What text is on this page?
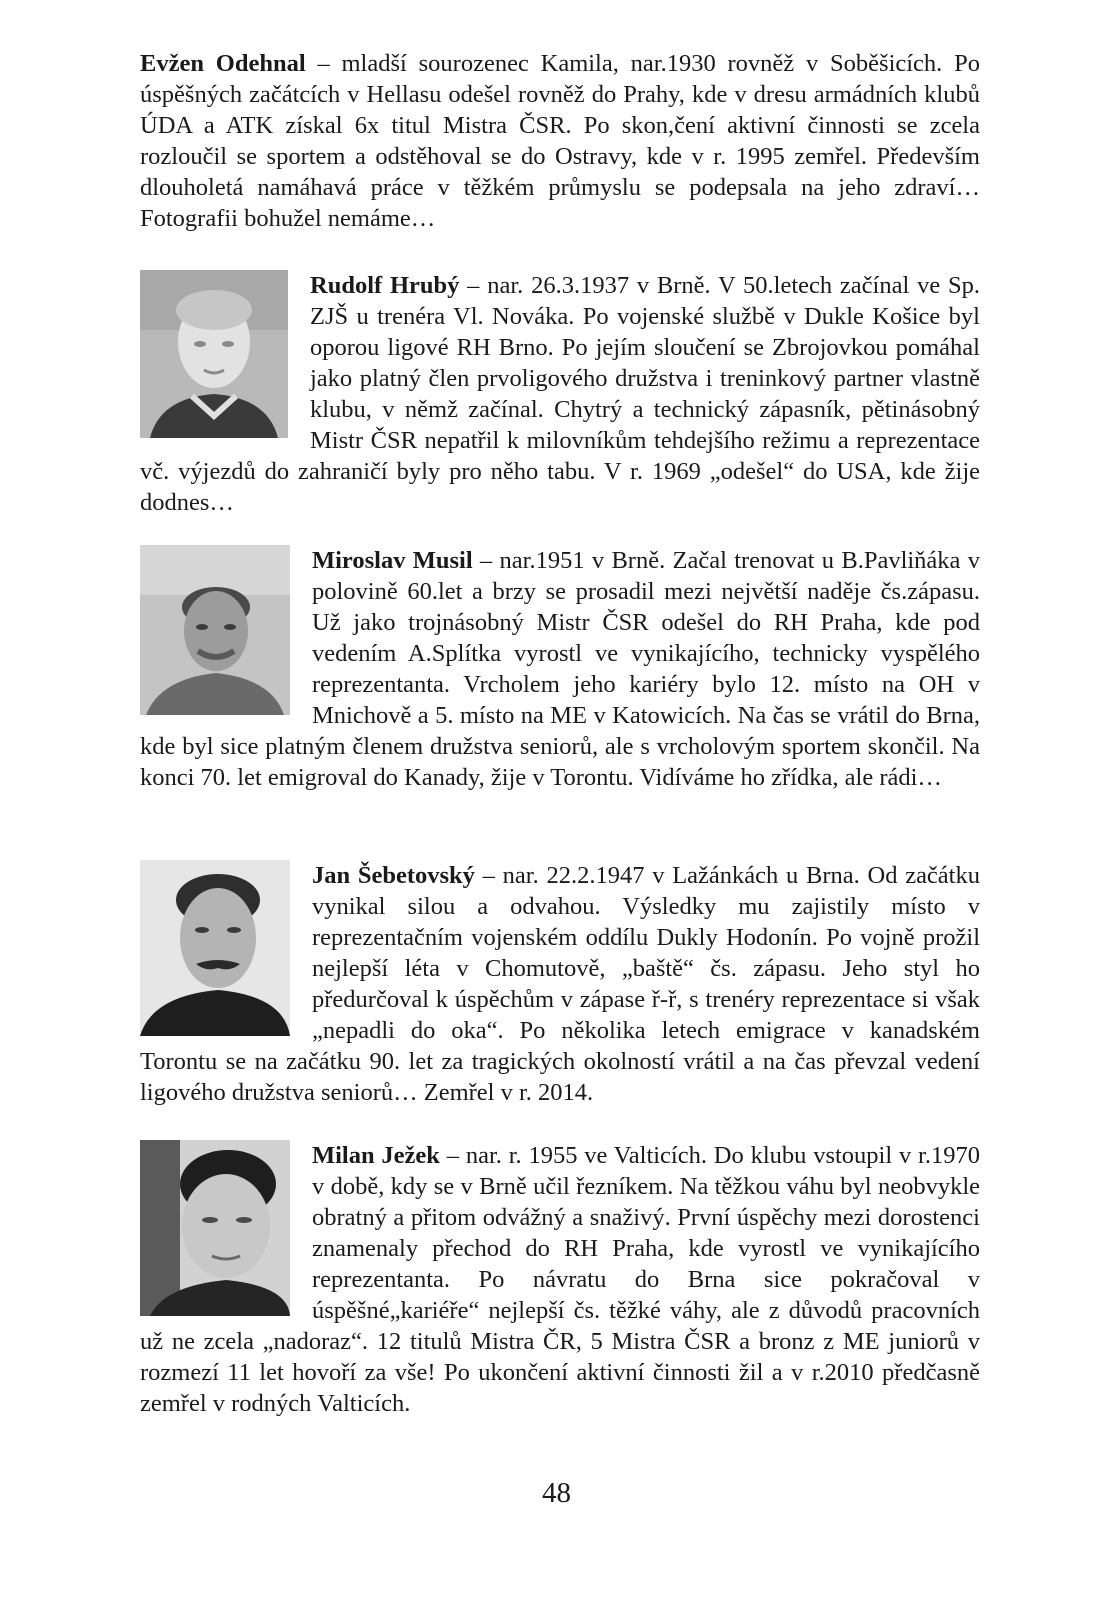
Evžen Odehnal – mladší sourozenec Kamila, nar.1930 rovněž v Soběšicích. Po úspěšných začátcích v Hellasu odešel rovněž do Prahy, kde v dresu armádních klubů ÚDA a ATK získal 6x titul Mistra ČSR. Po skon,čení aktivní činnosti se zcela rozloučil se sportem a odstěhoval se do Ostravy, kde v r. 1995 zemřel. Především dlouholetá namáhavá práce v těžkém průmyslu se podepsala na jeho zdraví… Fotografii bohužel nemáme…

Rudolf Hrubý – nar. 26.3.1937 v Brně. V 50.letech začínal ve Sp. ZJŠ u trenéra Vl. Nováka. Po vojenské službě v Dukle Košice byl oporou ligové RH Brno. Po jejím sloučení se Zbrojovkou pomáhal jako platný člen prvoligového družstva i treninkový partner vlastně klubu, v němž začínal. Chytrý a technický zápasník, pětinásobný Mistr ČSR nepatřil k milovníkům tehdejšího režimu a reprezentace vč. výjezdů do zahraničí byly pro něho tabu. V r. 1969 „odešel“ do USA, kde žije dodnes…

Miroslav Musil – nar.1951 v Brně. Začal trenovat u B.Pavliňáka v polovině 60.let a brzy se prosadil mezi největší naděje čs.zápasu. Už jako trojnásobný Mistr ČSR odešel do RH Praha, kde pod vedením A.Splítka vyrostl ve vynikajícího, technicky vyspělého reprezentanta. Vrcholem jeho kariéry bylo 12. místo na OH v Mnichově a 5. místo na ME v Katowicích. Na čas se vrátil do Brna, kde byl sice platným členem družstva seniorů, ale s vrcholovým sportem skončil. Na konci 70. let emigroval do Kanady, žije v Torontu. Vidíváme ho zřídka, ale rádi…

Jan Šebetovský – nar. 22.2.1947 v Lažánkách u Brna. Od začátku vynikal silou a odvahou. Výsledky mu zajistily místo v reprezentačním vojenském oddílu Dukly Hodonín. Po vojně prožil nejlepší léta v Chomutově, „baště“ čs. zápasu. Jeho styl ho předurčoval k úspěchům v zápase ř-ř, s trenéry reprezentace si však „nepadli do oka“. Po několika letech emigrace v kanadském Torontu se na začátku 90. let za tragických okolností vrátil a na čas převzal vedení ligového družstva seniorů… Zemřel v r. 2014.

Milan Ježek – nar. r. 1955 ve Valticích. Do klubu vstoupil v r.1970 v době, kdy se v Brně učil řezníkem. Na těžkou váhu byl neobvykle obratný a přitom odvážný a snaživý. První úspěchy mezi dorostenci znamenaly přechod do RH Praha, kde vyrostl ve vynikajícího reprezentanta. Po návratu do Brna sice pokračoval v úspěšné„kariéře“ nejlepší čs. těžké váhy, ale z důvodů pracovních už ne zcela „nadoraz“. 12 titulů Mistra ČR, 5 Mistra ČSR a bronz z ME juniorů v rozmezí 11 let hovoří za vše! Po ukončení aktivní činnosti žil a v r.2010 předčasně zemřel v rodných Valticích.

48
